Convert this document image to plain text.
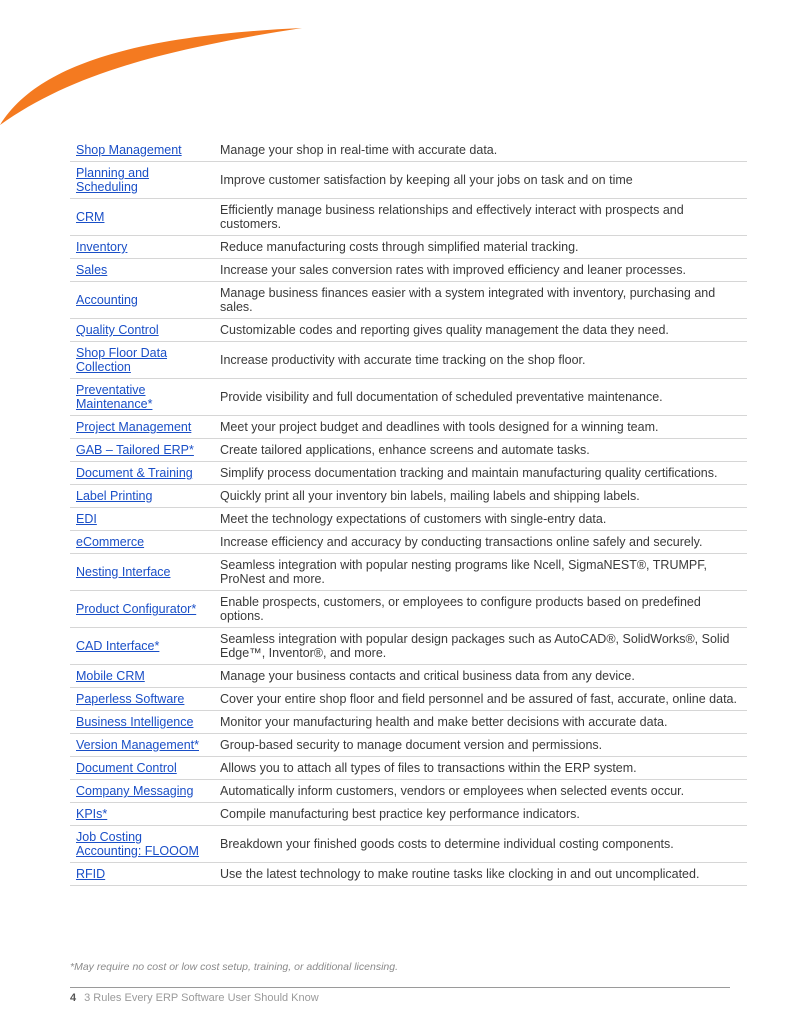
Shop Management	Manage your shop in real-time with accurate data.
Planning and Scheduling	Improve customer satisfaction by keeping all your jobs on task and on time
CRM	Efficiently manage business relationships and effectively interact with prospects and customers.
Inventory	Reduce manufacturing costs through simplified material tracking.
Sales	Increase your sales conversion rates with improved efficiency and leaner processes.
Accounting	Manage business finances easier with a system integrated with inventory, purchasing and sales.
Quality Control	Customizable codes and reporting gives quality management the data they need.
Shop Floor Data Collection	Increase productivity with accurate time tracking on the shop floor.
Preventative Maintenance*	Provide visibility and full documentation of scheduled preventative maintenance.
Project Management	Meet your project budget and deadlines with tools designed for a winning team.
GAB – Tailored ERP*	Create tailored applications, enhance screens and automate tasks.
Document & Training	Simplify process documentation tracking and maintain manufacturing quality certifications.
Label Printing	Quickly print all your inventory bin labels, mailing labels and shipping labels.
EDI	Meet the technology expectations of customers with single-entry data.
eCommerce	Increase efficiency and accuracy by conducting transactions online safely and securely.
Nesting Interface	Seamless integration with popular nesting programs like Ncell, SigmaNEST®, TRUMPF, ProNest and more.
Product Configurator*	Enable prospects, customers, or employees to configure products based on predefined options.
CAD Interface*	Seamless integration with popular design packages such as AutoCAD®, SolidWorks®, Solid Edge™, Inventor®, and more.
Mobile CRM	Manage your business contacts and critical business data from any device.
Paperless Software	Cover your entire shop floor and field personnel and be assured of fast, accurate, online data.
Business Intelligence	Monitor your manufacturing health and make better decisions with accurate data.
Version Management*	Group-based security to manage document version and permissions.
Document Control	Allows you to attach all types of files to transactions within the ERP system.
Company Messaging	Automatically inform customers, vendors or employees when selected events occur.
KPIs*	Compile manufacturing best practice key performance indicators.
Job Costing Accounting: FLOOOM	Breakdown your finished goods costs to determine individual costing components.
RFID	Use the latest technology to make routine tasks like clocking in and out uncomplicated.
*May require no cost or low cost setup, training, or additional licensing.
4 3 Rules Every ERP Software User Should Know
